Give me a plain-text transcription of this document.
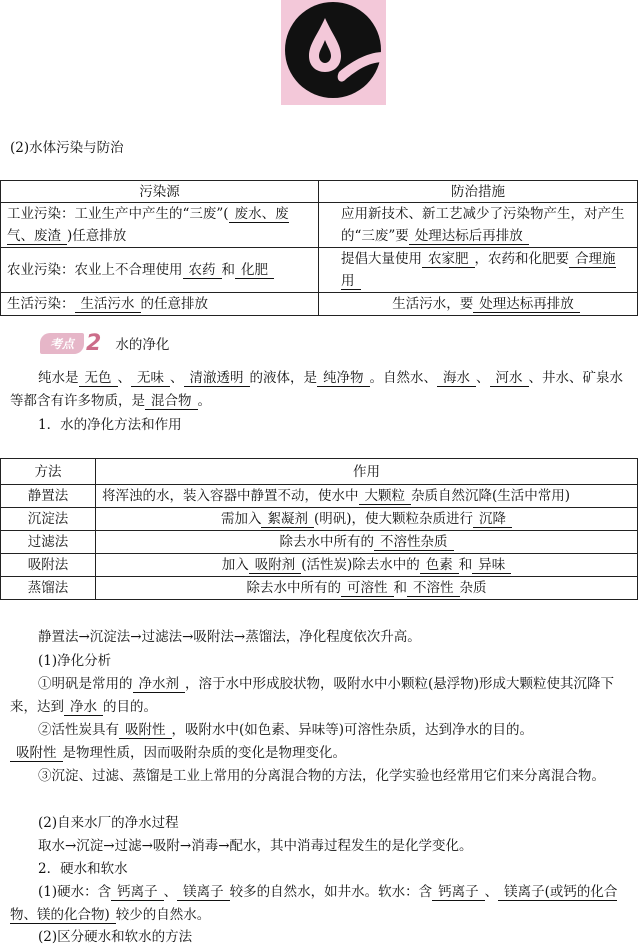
(2)水体污染与防治
污染源	防治措施
工业污染：工业生产中产生的“三废”( 废水、废气、废渣 )任意排放	应用新技术、新工艺减少了污染物产生，对产生的“三废”要 处理达标后再排放
农业污染：农业上不合理使用 农药 和 化肥	提倡大量使用 农家肥 ，农药和化肥要 合理施用
生活污染： 生活污水 的任意排放	生活污水，要 处理达标再排放
考点 2 水的净化
纯水是 无色 、 无味 、 清澈透明 的液体，是 纯净物 。自然水、 海水 、 河水 、井水、矿泉水等都含有许多物质，是 混合物 。
1．水的净化方法和作用
方法	作用
静置法	将浑浊的水，装入容器中静置不动，使水中 大颗粒 杂质自然沉降(生活中常用)
沉淀法	需加入 絮凝剂 (明矾)，使大颗粒杂质进行 沉降
过滤法	除去水中所有的 不溶性杂质
吸附法	加入 吸附剂 (活性炭)除去水中的 色素 和 异味
蒸馏法	除去水中所有的 可溶性 和 不溶性 杂质
静置法→沉淀法→过滤法→吸附法→蒸馏法，净化程度依次升高。
(1)净化分析
①明矾是常用的 净水剂 ，溶于水中形成胶状物，吸附水中小颗粒(悬浮物)形成大颗粒使其沉降下来，达到 净水 的目的。
②活性炭具有 吸附性 ，吸附水中(如色素、异味等)可溶性杂质，达到净水的目的。
吸附性 是物理性质，因而吸附杂质的变化是物理变化。
③沉淀、过滤、蒸馏是工业上常用的分离混合物的方法，化学实验也经常用它们来分离混合物。
(2)自来水厂的净水过程
取水→沉淀→过滤→吸附→消毒→配水，其中消毒过程发生的是化学变化。
2．硬水和软水
(1)硬水：含 钙离子 、 镁离子 较多的自然水，如井水。软水：含 钙离子 、 镁离子(或钙的化合物、镁的化合物) 较少的自然水。
(2)区分硬水和软水的方法
